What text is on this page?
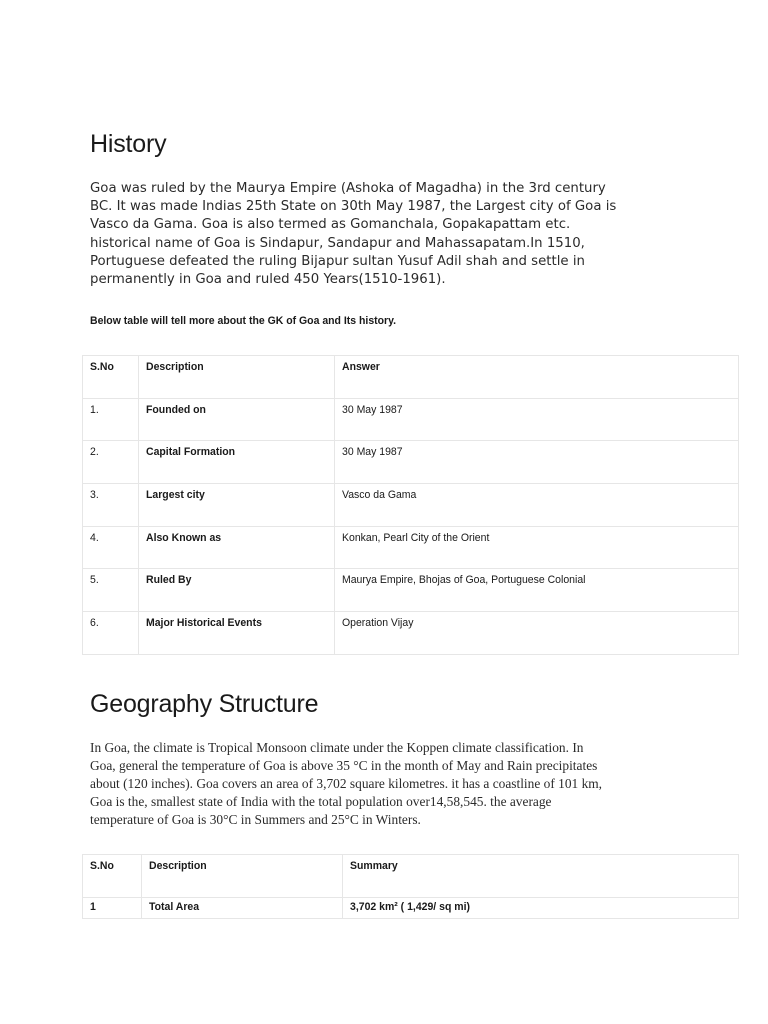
History
Goa was ruled by the Maurya Empire (Ashoka of Magadha) in the 3rd century
BC. It was made Indias 25th State on 30th May 1987, the Largest city of Goa is
Vasco da Gama. Goa is also termed as Gomanchala, Gopakapattam etc.
historical name of Goa is Sindapur, Sandapur and Mahassapatam.In 1510,
Portuguese defeated the ruling Bijapur sultan Yusuf Adil shah and settle in
permanently in Goa and ruled 450 Years(1510-1961).

Below table will tell more about the GK of Goa and Its history.

S.No	Description	Answer
1.	Founded on	30 May 1987
2.	Capital Formation	30 May 1987
3.	Largest city	Vasco da Gama
4.	Also Known as	Konkan, Pearl City of the Orient
5.	Ruled By	Maurya Empire, Bhojas of Goa, Portuguese Colonial
6.	Major Historical Events	Operation Vijay
Geography Structure
In Goa, the climate is Tropical Monsoon climate under the Koppen climate classification. In
Goa, general the temperature of Goa is above 35 °C in the month of May and Rain precipitates
about (120 inches). Goa covers an area of 3,702 square kilometres. it has a coastline of 101 km,
Goa is the, smallest state of India with the total population over14,58,545. the average
temperature of Goa is 30°C in Summers and 25°C in Winters.
S.No	Description	Summary
1	Total Area	3,702 km² ( 1,429/ sq mi)
